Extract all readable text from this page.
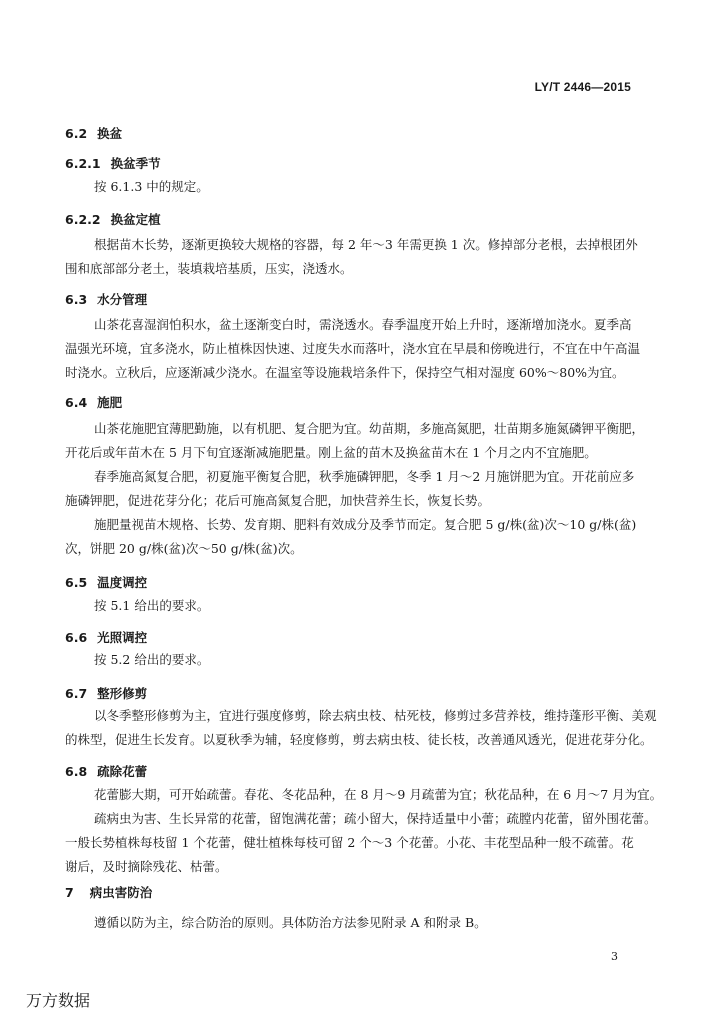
LY/T 2446—2015
6.2 换盆
6.2.1 换盆季节
按 6.1.3 中的规定。
6.2.2 换盆定植
根据苗木长势，逐渐更换较大规格的容器，每 2 年～3 年需更换 1 次。修掉部分老根，去掉根团外
围和底部部分老土，装填栽培基质，压实，浇透水。
6.3 水分管理
山茶花喜湿润怕积水，盆土逐渐变白时，需浇透水。春季温度开始上升时，逐渐增加浇水。夏季高
温强光环境，宜多浇水，防止植株因快速、过度失水而落叶，浇水宜在早晨和傍晚进行，不宜在中午高温
时浇水。立秋后，应逐渐减少浇水。在温室等设施栽培条件下，保持空气相对湿度 60%～80%为宜。
6.4 施肥
山茶花施肥宜薄肥勤施，以有机肥、复合肥为宜。幼苗期，多施高氮肥，壮苗期多施氮磷钾平衡肥，
开花后或年苗木在 5 月下旬宜逐渐减施肥量。刚上盆的苗木及换盆苗木在 1 个月之内不宜施肥。
春季施高氮复合肥，初夏施平衡复合肥，秋季施磷钾肥，冬季 1 月～2 月施饼肥为宜。开花前应多
施磷钾肥，促进花芽分化；花后可施高氮复合肥，加快营养生长，恢复长势。
施肥量视苗木规格、长势、发育期、肥料有效成分及季节而定。复合肥 5 g/株(盆)次～10 g/株(盆)
次，饼肥 20 g/株(盆)次～50 g/株(盆)次。
6.5 温度调控
按 5.1 给出的要求。
6.6 光照调控
按 5.2 给出的要求。
6.7 整形修剪
以冬季整形修剪为主，宜进行强度修剪，除去病虫枝、枯死枝，修剪过多营养枝，维持蓬形平衡、美观
的株型，促进生长发育。以夏秋季为辅，轻度修剪，剪去病虫枝、徒长枝，改善通风透光，促进花芽分化。
6.8 疏除花蕾
花蕾膨大期，可开始疏蕾。春花、冬花品种，在 8 月～9 月疏蕾为宜；秋花品种，在 6 月～7 月为宜。
疏病虫为害、生长异常的花蕾，留饱满花蕾；疏小留大，保持适量中小蕾；疏膛内花蕾，留外围花蕾。
一般长势植株每枝留 1 个花蕾，健壮植株每枝可留 2 个～3 个花蕾。小花、丰花型品种一般不疏蕾。花
谢后，及时摘除残花、枯蕾。
7 病虫害防治
遵循以防为主，综合防治的原则。具体防治方法参见附录 A 和附录 B。
3
万方数据
